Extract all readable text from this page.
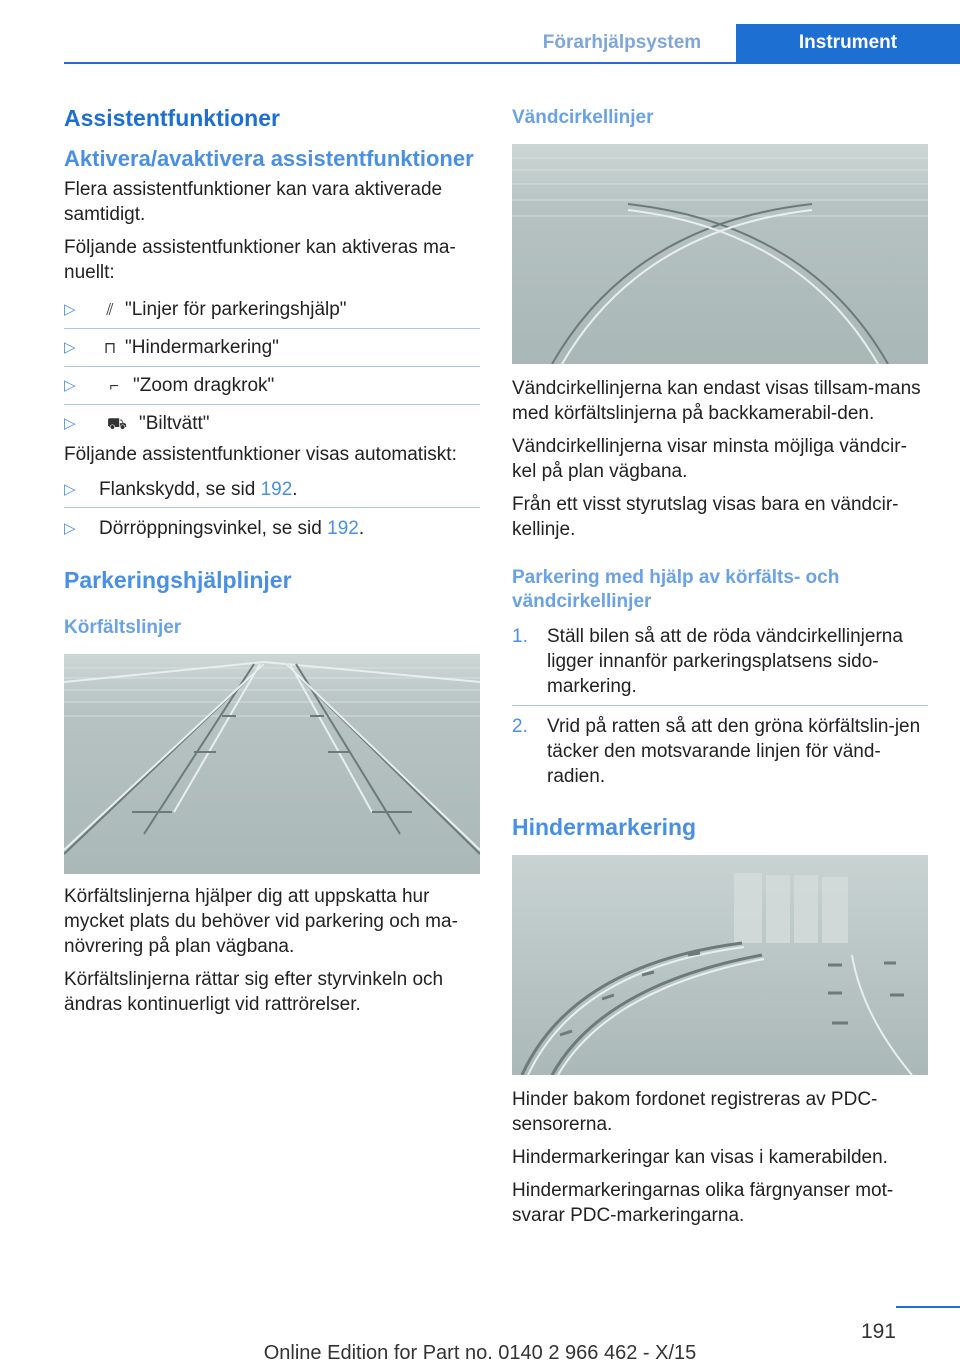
Förarhjälpsystem	Instrument
Assistentfunktioner
Aktivera/avaktivera assistentfunktioner
Flera assistentfunktioner kan vara aktiverade samtidigt.
Följande assistentfunktioner kan aktiveras ma‐nuellt:
▷	⫽ "Linjer för parkeringshjälp"
▷	⊓ "Hindermarkering"
▷	⌐ "Zoom dragkrok"
▷	⛟ "Biltvätt"
Följande assistentfunktioner visas automatiskt:
▷	Flankskydd, se sid 192.
▷	Dörröppningsvinkel, se sid 192.
Parkeringshjälplinjer
Körfältslinjer
Körfältslinjerna hjälper dig att uppskatta hur mycket plats du behöver vid parkering och ma‐növrering på plan vägbana.
Körfältslinjerna rättar sig efter styrvinkeln och ändras kontinuerligt vid rattrörelser.
Vändcirkellinjer
Vändcirkellinjerna kan endast visas tillsam‐mans med körfältslinjerna på backkamerabil‐den.
Vändcirkellinjerna visar minsta möjliga vändcir‐kel på plan vägbana.
Från ett visst styrutslag visas bara en vändcir‐kellinje.
Parkering med hjälp av körfälts- och vändcirkellinjer
1.	Ställ bilen så att de röda vändcirkellinjerna ligger innanför parkeringsplatsens sido‐markering.
2.	Vrid på ratten så att den gröna körfältslin‐jen täcker den motsvarande linjen för vänd‐radien.
Hindermarkering
Hinder bakom fordonet registreras av PDC-sensorerna.
Hindermarkeringar kan visas i kamerabilden.
Hindermarkeringarnas olika färgnyanser mot‐svarar PDC-markeringarna.
191
Online Edition for Part no. 0140 2 966 462 - X/15
